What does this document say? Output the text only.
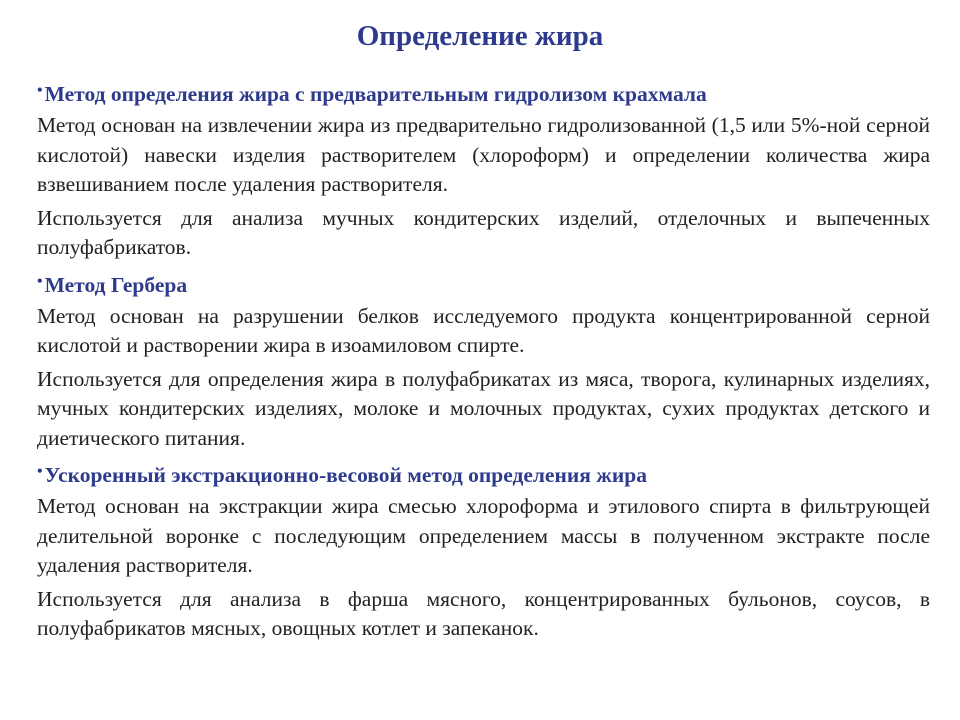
Определение жира

•Метод определения жира с предварительным гидролизом крахмала

Метод основан на извлечении жира из предварительно гидролизованной (1,5 или 5%-ной серной кислотой) навески изделия растворителем (хлороформ) и определении количества жира взвешиванием после удаления растворителя.

Используется для анализа мучных кондитерских изделий, отделочных и выпеченных полуфабрикатов.

•Метод Гербера

Метод основан на разрушении белков исследуемого продукта концентрированной серной кислотой и растворении жира в изоамиловом спирте.

Используется для определения жира в полуфабрикатах из мяса, творога, кулинарных изделиях, мучных кондитерских изделиях, молоке и молочных продуктах, сухих продуктах детского и диетического питания.

•Ускоренный экстракционно-весовой метод определения жира

Метод основан на экстракции жира смесью хлороформа и этилового спирта в фильтрующей делительной воронке с последующим определением массы в полученном экстракте после удаления растворителя.

Используется для анализа в фарша мясного, концентрированных бульонов, соусов, в полуфабрикатов мясных, овощных котлет и запеканок.
